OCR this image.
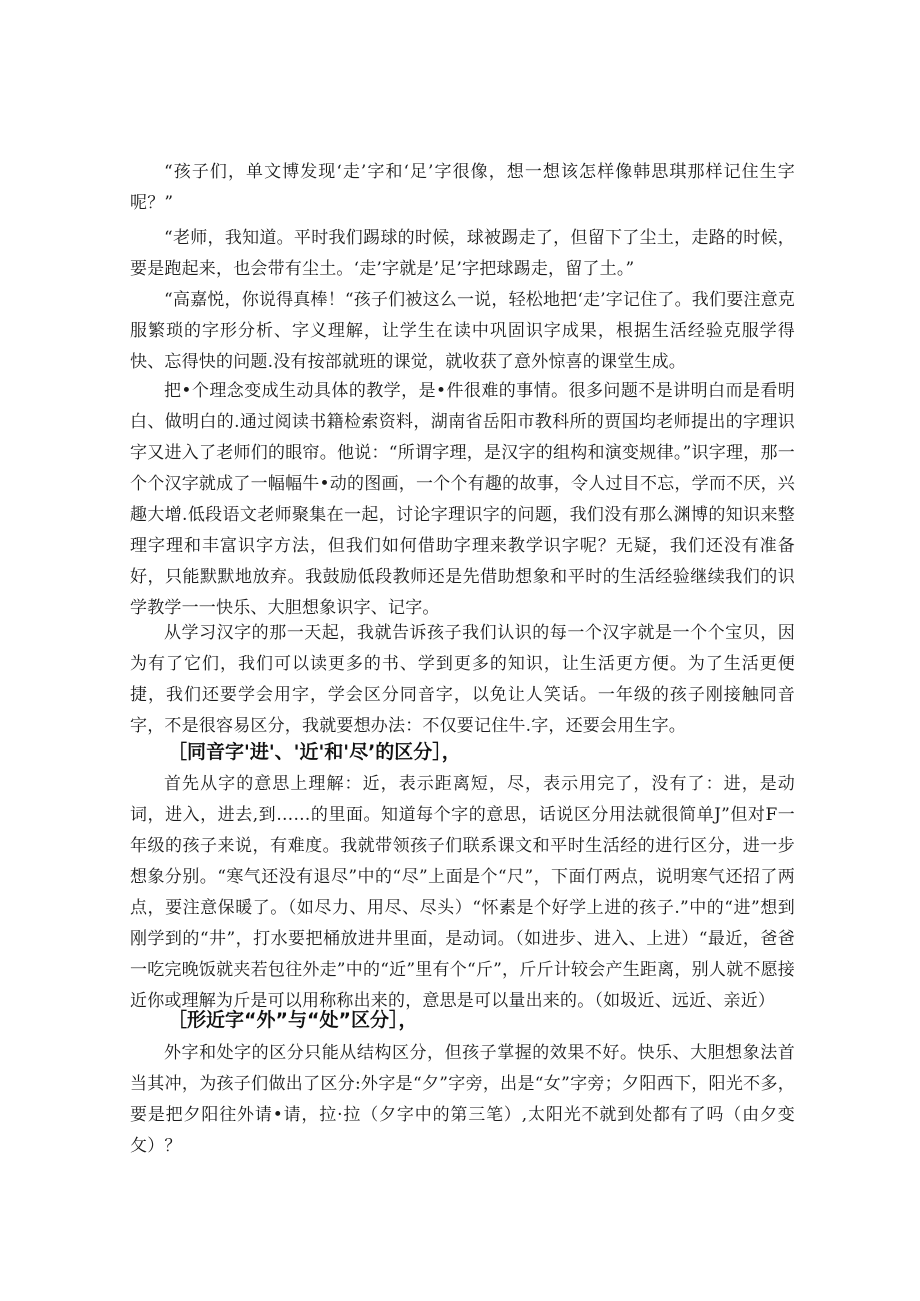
“孩子们，单文博发现‘走’字和‘足’字很像，想一想该怎样像韩思琪那样记住生字呢？”

“老师，我知道。平时我们踢球的时候，球被踢走了，但留下了尘土，走路的时候，要是跑起来，也会带有尘土。‘走’字就是’足’字把球踢走，留了土。”

“高嘉悦，你说得真棒！“孩子们被这么一说，轻松地把‘走’字记住了。我们要注意克服繁琐的字形分析、字义理解，让学生在读中巩固识字成果，根据生活经验克服学得快、忘得快的问题.没有按部就班的课觉，就收获了意外惊喜的课堂生成。

把•个理念变成生动具体的教学，是•件很难的事情。很多问题不是讲明白而是看明白、做明白的.通过阅读书籍检索资料，湖南省岳阳市教科所的贾国均老师提出的字理识字又进入了老师们的眼帘。他说：“所谓字理，是汉字的组构和演变规律。”识字理，那一个个汉字就成了一幅幅牛•动的图画，一个个有趣的故事，令人过目不忘，学而不厌，兴趣大增.低段语文老师聚集在一起，讨论字理识字的问题，我们没有那么渊博的知识来整理字理和丰富识字方法，但我们如何借助字理来教学识字呢？无疑，我们还没有准备好，只能默默地放弃。我鼓励低段教师还是先借助想象和平时的生活经验继续我们的识学教学一一快乐、大胆想象识字、记字。

从学习汉字的那一天起，我就告诉孩子我们认识的每一个汉字就是一个个宝贝，因为有了它们，我们可以读更多的书、学到更多的知识，让生活更方便。为了生活更便捷，我们还要学会用字，学会区分同音字，以免让人笑话。一年级的孩子刚接触同音字，不是很容易区分，我就要想办法：不仅要记住牛.字，还要会用生字。

［同音字'进'、'近'和'尽’的区分］，

首先从字的意思上理解：近，表示距离短，尽，表示用完了，没有了：进，是动词，进入，进去,到……的里面。知道每个字的意思，话说区分用法就很简单J”但对F一年级的孩子来说，有难度。我就带领孩子们联系课文和平时生活经的进行区分，进一步想象分别。“寒气还没有退尽”中的“尽”上面是个“尺”，下面仃两点，说明寒气还招了两点，要注意保暖了。（如尽力、用尽、尽头）“怀素是个好学上进的孩子.”中的“进”想到刚学到的“井”，打水要把桶放进井里面，是动词。（如进步、进入、上进）“最近，爸爸一吃完晚饭就夹若包往外走”中的“近”里有个“斤”，斤斤计较会产生距离，别人就不愿接近你或理解为斤是可以用称称出来的，意思是可以量出来的。（如圾近、远近、亲近）

［形近字“外”与“处”区分］，

外字和处字的区分只能从结构区分，但孩子掌握的效果不好。快乐、大胆想象法首当其冲，为孩子们做出了区分:外字是“夕”字旁，出是“女”字旁；夕阳西下，阳光不多，要是把夕阳往外请•请，拉·拉（夕字中的第三笔）,太阳光不就到处都有了吗（由夕变攵）？
